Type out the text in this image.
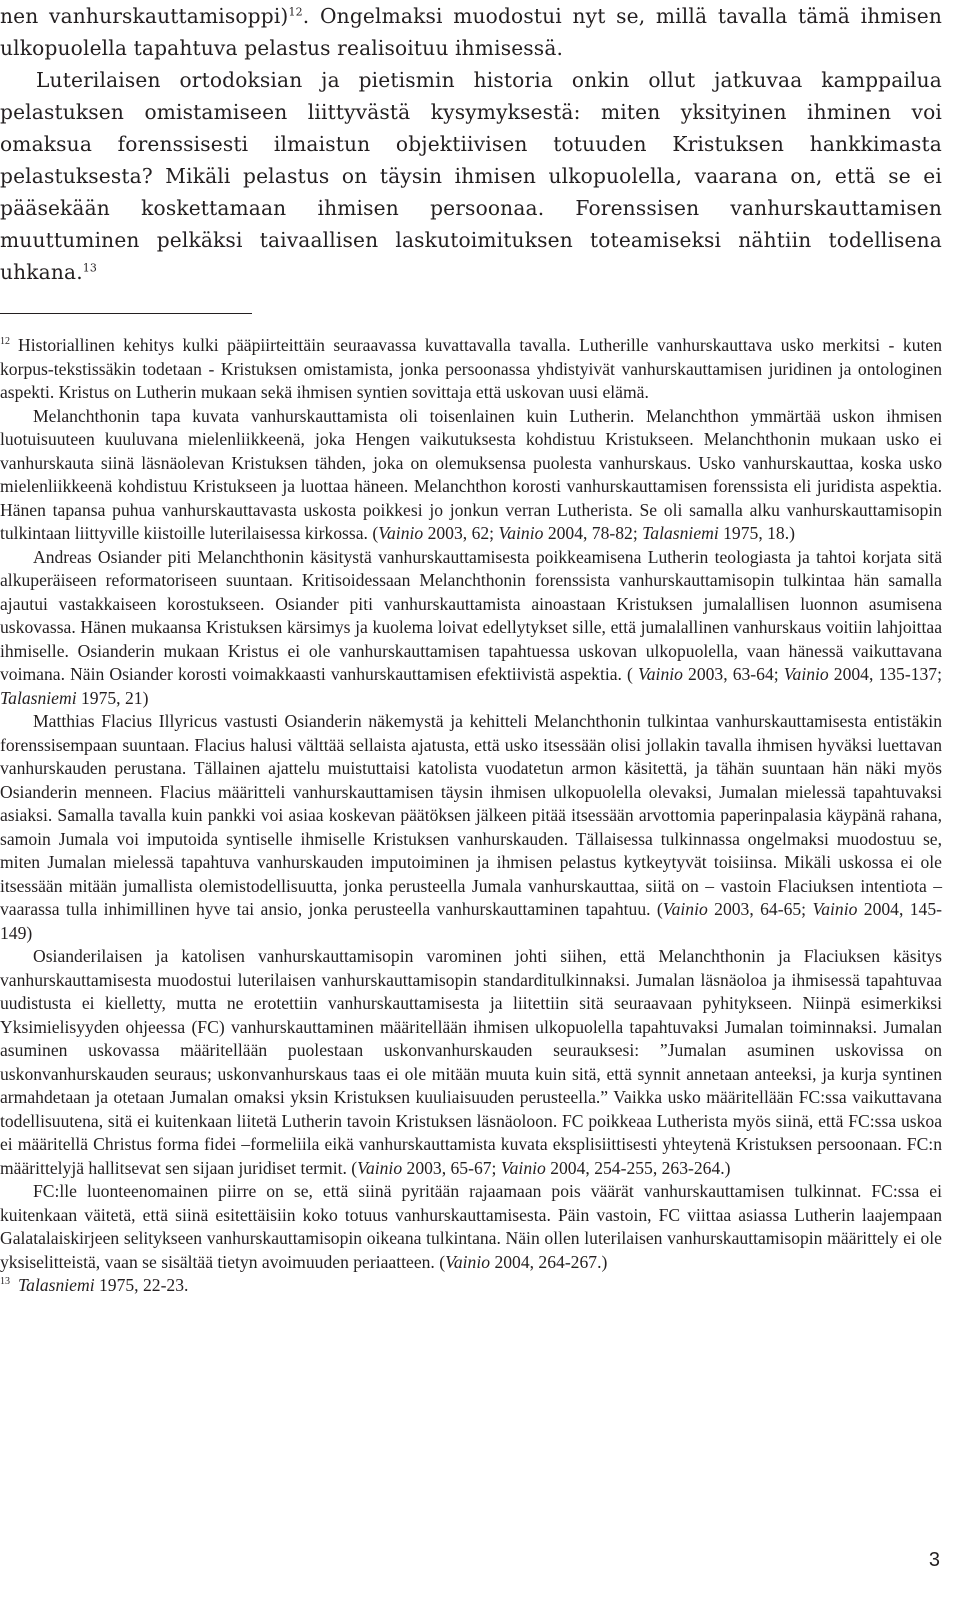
nen vanhurskauttamisoppi)$^{12}$. Ongelmaksi muodostui nyt se, millä tavalla tämä ihmisen ulkopuolella tapahtuva pelastus realisoituu ihmisessä.

Luterilaisen ortodoksian ja pietismin historia onkin ollut jatkuvaa kamppailua pelastuksen omistamiseen liittyvästä kysymyksestä: miten yksityinen ihminen voi omaksua forenssisesti ilmaistun objektiivisen totuuden Kristuksen hankkimasta pelastuksesta? Mikäli pelastus on täysin ihmisen ulkopuolella, vaarana on, että se ei pääsekään koskettamaan ihmisen persoonaa. Forenssisen vanhurskauttamisen muuttuminen pelkäksi taivaallisen laskutoimituksen toteamiseksi nähtiin todellisena uhkana.$^{13}$

$^{12}$ Historiallinen kehitys kulki pääpiirteittäin seuraavassa kuvattavalla tavalla. Lutherille vanhurskauttava usko merkitsi - kuten korpus-tekstissäkin todetaan - Kristuksen omistamista, jonka persoonassa yhdistyivät vanhurskauttamisen juridinen ja ontologinen aspekti. Kristus on Lutherin mukaan sekä ihmisen syntien sovittaja että uskovan uusi elämä.

Melanchthonin tapa kuvata vanhurskauttamista oli toisenlainen kuin Lutherin. Melanchthon ymmärtää uskon ihmisen luotuisuuteen kuuluvana mielenliikkeenä, joka Hengen vaikutuksesta kohdistuu Kristukseen. Melanchthonin mukaan usko ei vanhurskauta siinä läsnäolevan Kristuksen tähden, joka on olemuksensa puolesta vanhurskaus. Usko vanhurskauttaa, koska usko mielenliikkeenä kohdistuu Kristukseen ja luottaa häneen. Melanchthon korosti vanhurskauttamisen forenssista eli juridista aspektia. Hänen tapansa puhua vanhurskauttavasta uskosta poikkesi jo jonkun verran Lutherista. Se oli samalla alku vanhurskauttamisopin tulkintaan liittyville kiistoille luterilaisessa kirkossa. (Vainio 2003, 62; Vainio 2004, 78-82; Talasniemi 1975, 18.)

Andreas Osiander piti Melanchthonin käsitystä vanhurskauttamisesta poikkeamisena Lutherin teologiasta ja tahtoi korjata sitä alkuperäiseen reformatoriseen suuntaan. Kritisoidessaan Melanchthonin forenssista vanhurskauttamisopin tulkintaa hän samalla ajautui vastakkaiseen korostukseen. Osiander piti vanhurskauttamista ainoastaan Kristuksen jumalallisen luonnon asumisena uskovassa. Hänen mukaansa Kristuksen kärsimys ja kuolema loivat edellytykset sille, että jumalallinen vanhurskaus voitiin lahjoittaa ihmiselle. Osianderin mukaan Kristus ei ole vanhurskauttamisen tapahtuessa uskovan ulkopuolella, vaan hänessä vaikuttavana voimana. Näin Osiander korosti voimakkaasti vanhurskauttamisen efektiivistä aspektia. ( Vainio 2003, 63-64; Vainio 2004, 135-137; Talasniemi 1975, 21)

Matthias Flacius Illyricus vastusti Osianderin näkemystä ja kehitteli Melanchthonin tulkintaa vanhurskauttamisesta entistäkin forenssisempaan suuntaan. Flacius halusi välttää sellaista ajatusta, että usko itsessään olisi jollakin tavalla ihmisen hyväksi luettavan vanhurskauden perustana. Tällainen ajattelu muistuttaisi katolista vuodatetun armon käsitettä, ja tähän suuntaan hän näki myös Osianderin menneen. Flacius määritteli vanhurskauttamisen täysin ihmisen ulkopuolella olevaksi, Jumalan mielessä tapahtuvaksi asiaksi. Samalla tavalla kuin pankki voi asiaa koskevan päätöksen jälkeen pitää itsessään arvottomia paperinpalasia käypänä rahana, samoin Jumala voi imputoida syntiselle ihmiselle Kristuksen vanhurskauden. Tällaisessa tulkinnassa ongelmaksi muodostuu se, miten Jumalan mielessä tapahtuva vanhurskauden imputoiminen ja ihmisen pelastus kytkeytyvät toisiinsa. Mikäli uskossa ei ole itsessään mitään jumallista olemistodellisuutta, jonka perusteella Jumala vanhurskauttaa, siitä on – vastoin Flaciuksen intentiota – vaarassa tulla inhimillinen hyve tai ansio, jonka perusteella vanhurskauttaminen tapahtuu. (Vainio 2003, 64-65; Vainio 2004, 145-149)

Osianderilaisen ja katolisen vanhurskauttamisopin varominen johti siihen, että Melanchthonin ja Flaciuksen käsitys vanhurskauttamisesta muodostui luterilaisen vanhurskauttamisopin standarditulkinnaksi. Jumalan läsnäoloa ja ihmisessä tapahtuvaa uudistusta ei kielletty, mutta ne erotettiin vanhurskauttamisesta ja liitettiin sitä seuraavaan pyhitykseen. Niinpä esimerkiksi Yksimielisyyden ohjeessa (FC) vanhurskauttaminen määritellään ihmisen ulkopuolella tapahtuvaksi Jumalan toiminnaksi. Jumalan asuminen uskovassa määritellään puolestaan uskonvanhurskauden seurauksesi: ”Jumalan asuminen uskovissa on uskonvanhurskauden seuraus; uskonvanhurskaus taas ei ole mitään muuta kuin sitä, että synnit annetaan anteeksi, ja kurja syntinen armahdetaan ja otetaan Jumalan omaksi yksin Kristuksen kuuliaisuuden perusteella.” Vaikka usko määritellään FC:ssa vaikuttavana todellisuutena, sitä ei kuitenkaan liitetä Lutherin tavoin Kristuksen läsnäoloon. FC poikkeaa Lutherista myös siinä, että FC:ssa uskoa ei määritellä Christus forma fidei –formeliila eikä vanhurskauttamista kuvata eksplisiittisesti yhteytenä Kristuksen persoonaan. FC:n määrittelyjä hallitsevat sen sijaan juridiset termit. (Vainio 2003, 65-67; Vainio 2004, 254-255, 263-264.)

FC:lle luonteenomainen piirre on se, että siinä pyritään rajaamaan pois väärät vanhurskauttamisen tulkinnat. FC:ssa ei kuitenkaan väitetä, että siinä esitettäisiin koko totuus vanhurskauttamisesta. Päin vastoin, FC viittaa asiassa Lutherin laajempaan Galatalaiskirjeen selitykseen vanhurskauttamisopin oikeana tulkintana. Näin ollen luterilaisen vanhurskauttamisopin määrittely ei ole yksiselitteistä, vaan se sisältää tietyn avoimuuden periaatteen. (Vainio 2004, 264-267.)

$^{13}$ Talasniemi 1975, 22-23.

3
